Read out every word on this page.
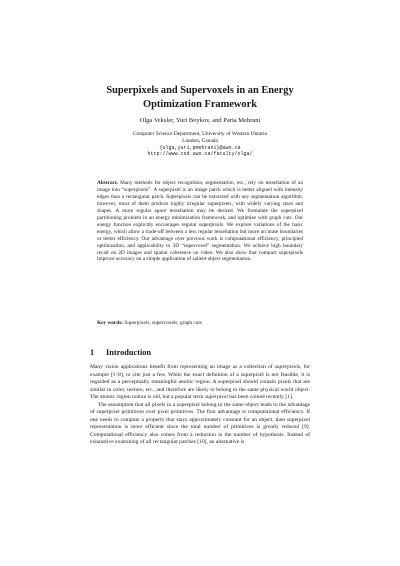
Superpixels and Supervoxels in an Energy
Optimization Framework
Olga Veksler, Yuri Boykov, and Paria Mehrani
Computer Science Department, University of Western Ontario
London, Canada
{olga,yuri,pmehrani}@uwo.ca
http://www.csd.uwo.ca/faculty/olga/

Abstract. Many methods for object recognition, segmentation, etc., rely on tessellation of an image into “superpixels”. A superpixel is an image patch which is better aligned with intensity edges than a rectangular patch. Superpixels can be extracted with any segmentation algorithm, however, most of them produce highly irregular superpixels, with widely varying sizes and shapes. A more regular space tessellation may be desired. We formulate the superpixel partitioning problem in an energy minimization framework, and optimize with graph cuts. Our energy function explicitly encourages regular superpixels. We explore variations of the basic energy, which allow a trade-off between a less regular tessellation but more accurate boundaries or better efficiency. Our advantage over previous work is computational efficiency, principled optimization, and applicability to 3D “supervoxel” segmentation. We achieve high boundary recall on 2D images and spatial coherence on video. We also show that compact superpixels improve accuracy on a simple application of salient object segmentation.

Key words: Superpixels, supervoxels, graph cuts

1 Introduction

Many vision applications benefit from representing an image as a collection of superpixels, for example [1–8], to cite just a few. While the exact definition of a superpixel is not feasible, it is regarded as a perceptually meaningful atomic region. A superpixel should contain pixels that are similar in color, texture, etc., and therefore are likely to belong to the same physical world object. The atomic region notion is old, but a popular term superpixel has been coined recently [1].

The assumption that all pixels in a superpixel belong to the same object leads to the advantage of superpixel primitives over pixel primitives. The first advantage is computational efficiency. If one needs to compute a property that stays approximately constant for an object, then superpixel representation is more efficient since the total number of primitives is greatly reduced [9]. Computational efficiency also comes from a reduction in the number of hypothesis. Instead of exhaustive examining of all rectangular patches [10], an alternative is
